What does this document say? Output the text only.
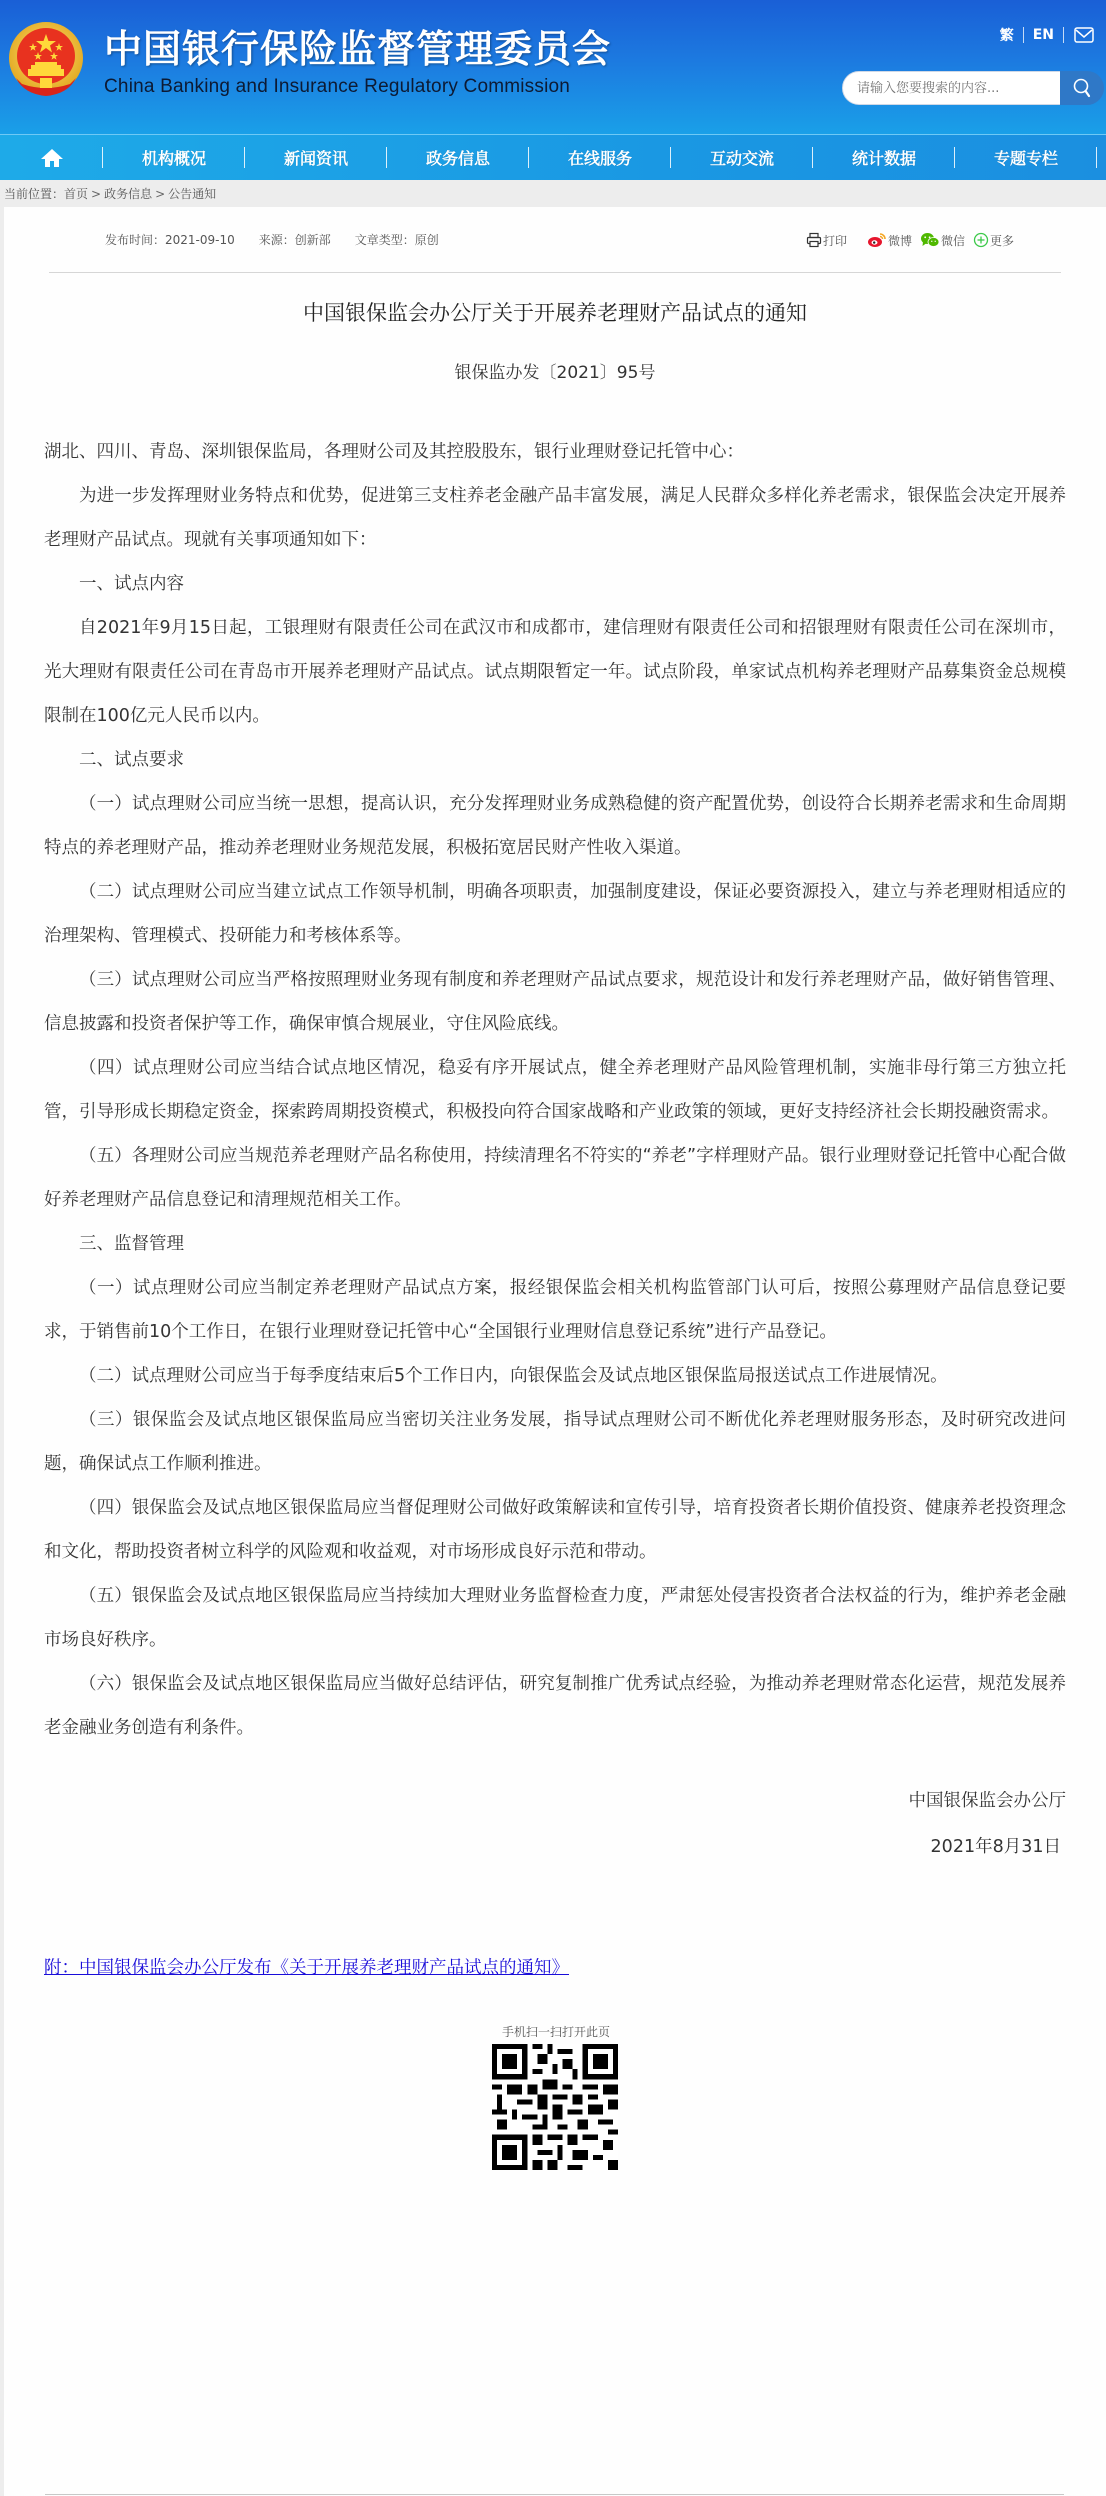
中国银行保险监督管理委员会
China Banking and Insurance Regulatory Commission
繁	EN
请输入您要搜索的内容...
机构概况	新闻资讯	政务信息	在线服务	互动交流	统计数据	专题专栏
当前位置： 首页 > 政务信息 > 公告通知
发布时间：2021-09-10 来源：创新部 文章类型：原创	打印	微博 微信 更多
中国银保监会办公厅关于开展养老理财产品试点的通知
银保监办发〔2021〕95号

湖北、四川、青岛、深圳银保监局，各理财公司及其控股股东，银行业理财登记托管中心：

为进一步发挥理财业务特点和优势，促进第三支柱养老金融产品丰富发展，满足人民群众多样化养老需求，银保监会决定开展养老理财产品试点。现就有关事项通知如下：

一、试点内容

自2021年9月15日起，工银理财有限责任公司在武汉市和成都市，建信理财有限责任公司和招银理财有限责任公司在深圳市，光大理财有限责任公司在青岛市开展养老理财产品试点。试点期限暂定一年。试点阶段，单家试点机构养老理财产品募集资金总规模限制在100亿元人民币以内。

二、试点要求

（一）试点理财公司应当统一思想，提高认识，充分发挥理财业务成熟稳健的资产配置优势，创设符合长期养老需求和生命周期特点的养老理财产品，推动养老理财业务规范发展，积极拓宽居民财产性收入渠道。

（二）试点理财公司应当建立试点工作领导机制，明确各项职责，加强制度建设，保证必要资源投入，建立与养老理财相适应的治理架构、管理模式、投研能力和考核体系等。

（三）试点理财公司应当严格按照理财业务现有制度和养老理财产品试点要求，规范设计和发行养老理财产品，做好销售管理、信息披露和投资者保护等工作，确保审慎合规展业，守住风险底线。

（四）试点理财公司应当结合试点地区情况，稳妥有序开展试点，健全养老理财产品风险管理机制，实施非母行第三方独立托管，引导形成长期稳定资金，探索跨周期投资模式，积极投向符合国家战略和产业政策的领域，更好支持经济社会长期投融资需求。

（五）各理财公司应当规范养老理财产品名称使用，持续清理名不符实的“养老”字样理财产品。银行业理财登记托管中心配合做好养老理财产品信息登记和清理规范相关工作。

三、监督管理

（一）试点理财公司应当制定养老理财产品试点方案，报经银保监会相关机构监管部门认可后，按照公募理财产品信息登记要求，于销售前10个工作日，在银行业理财登记托管中心“全国银行业理财信息登记系统”进行产品登记。

（二）试点理财公司应当于每季度结束后5个工作日内，向银保监会及试点地区银保监局报送试点工作进展情况。

（三）银保监会及试点地区银保监局应当密切关注业务发展，指导试点理财公司不断优化养老理财服务形态，及时研究改进问题，确保试点工作顺利推进。

（四）银保监会及试点地区银保监局应当督促理财公司做好政策解读和宣传引导，培育投资者长期价值投资、健康养老投资理念和文化，帮助投资者树立科学的风险观和收益观，对市场形成良好示范和带动。

（五）银保监会及试点地区银保监局应当持续加大理财业务监督检查力度，严肃惩处侵害投资者合法权益的行为，维护养老金融市场良好秩序。

（六）银保监会及试点地区银保监局应当做好总结评估，研究复制推广优秀试点经验，为推动养老理财常态化运营，规范发展养老金融业务创造有利条件。

中国银保监会办公厅
2021年8月31日
附：中国银保监会办公厅发布《关于开展养老理财产品试点的通知》
手机扫一扫打开此页
